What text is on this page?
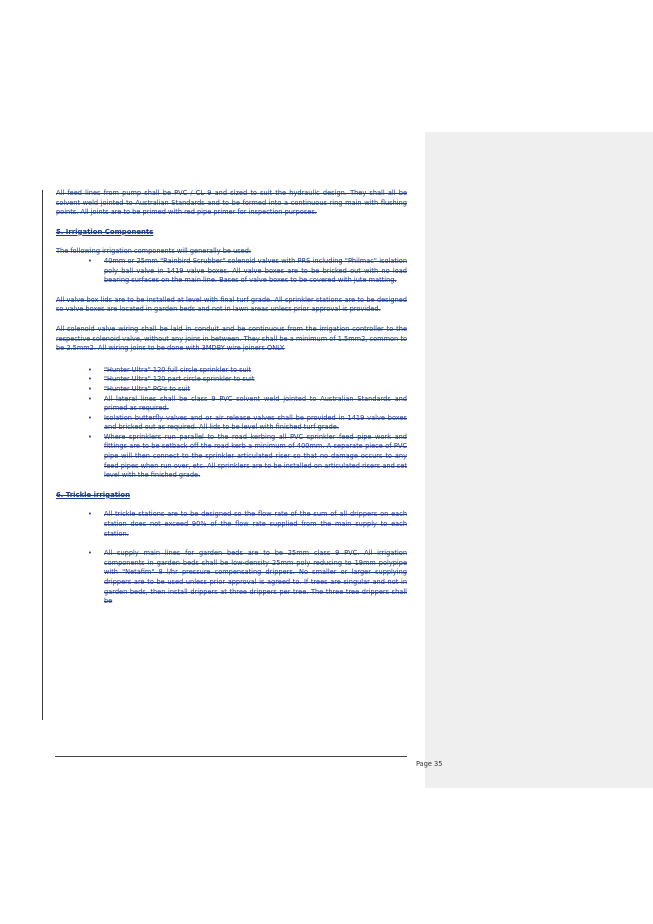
All feed lines from pump shall be PVC / CL 9 and sized to suit the hydraulic design. They shall all be solvent weld jointed to Australian Standards and to be formed into a continuous ring main with flushing points. All joints are to be primed with red pipe primer for inspection purposes.

5. Irrigation Components

The following irrigation components will generally be used:

• 40mm or 25mm "Rainbird Scrubber" solenoid valves with PRS including "Philmac" isolation poly ball valve in 1419 valve boxes. All valve boxes are to be bricked out with no load bearing surfaces on the main line. Bases of valve boxes to be covered with jute matting.

All valve box lids are to be installed at level with final turf grade. All sprinkler stations are to be designed so valve boxes are located in garden beds and not in lawn areas unless prior approval is provided.

All solenoid valve wiring shall be laid in conduit and be continuous from the irrigation controller to the respective solenoid valve, without any joins in between. They shall be a minimum of 1.5mm2, common to be 2.5mm2. All wiring joins to be done with 3MDBY wire joiners ONLY.

• "Hunter Ultra" 120 full circle sprinkler to suit
• "Hunter Ultra" 120 part circle sprinkler to suit
• "Hunter Ultra" PG's to suit
• All lateral lines shall be class 9 PVC solvent weld jointed to Australian Standards and primed as required.
• Isolation butterfly valves and or air release valves shall be provided in 1419 valve boxes and bricked out as required. All lids to be level with finished turf grade.
• Where sprinklers run parallel to the road kerbing all PVC sprinkler feed pipe work and fittings are to be setback off the road kerb a minimum of 400mm. A separate piece of PVC pipe will then connect to the sprinkler articulated riser so that no damage occurs to any feed pipes when run over, etc. All sprinklers are to be installed on articulated risers and set level with the finished grade.
6. Trickle irrigation
• All trickle stations are to be designed so the flow rate of the sum of all drippers on each station does not exceed 90% of the flow rate supplied from the main supply to each station.
• All supply main lines for garden beds are to be 25mm class 9 PVC. All irrigation components in garden beds shall be low-density 25mm poly reducing to 19mm polypipe with "Netafim" 8 l/hr pressure compensating drippers. No smaller or larger supplying drippers are to be used unless prior approval is agreed to. If trees are singular and not in garden beds, then install drippers at three drippers per tree. The three tree drippers shall be
Page 35
